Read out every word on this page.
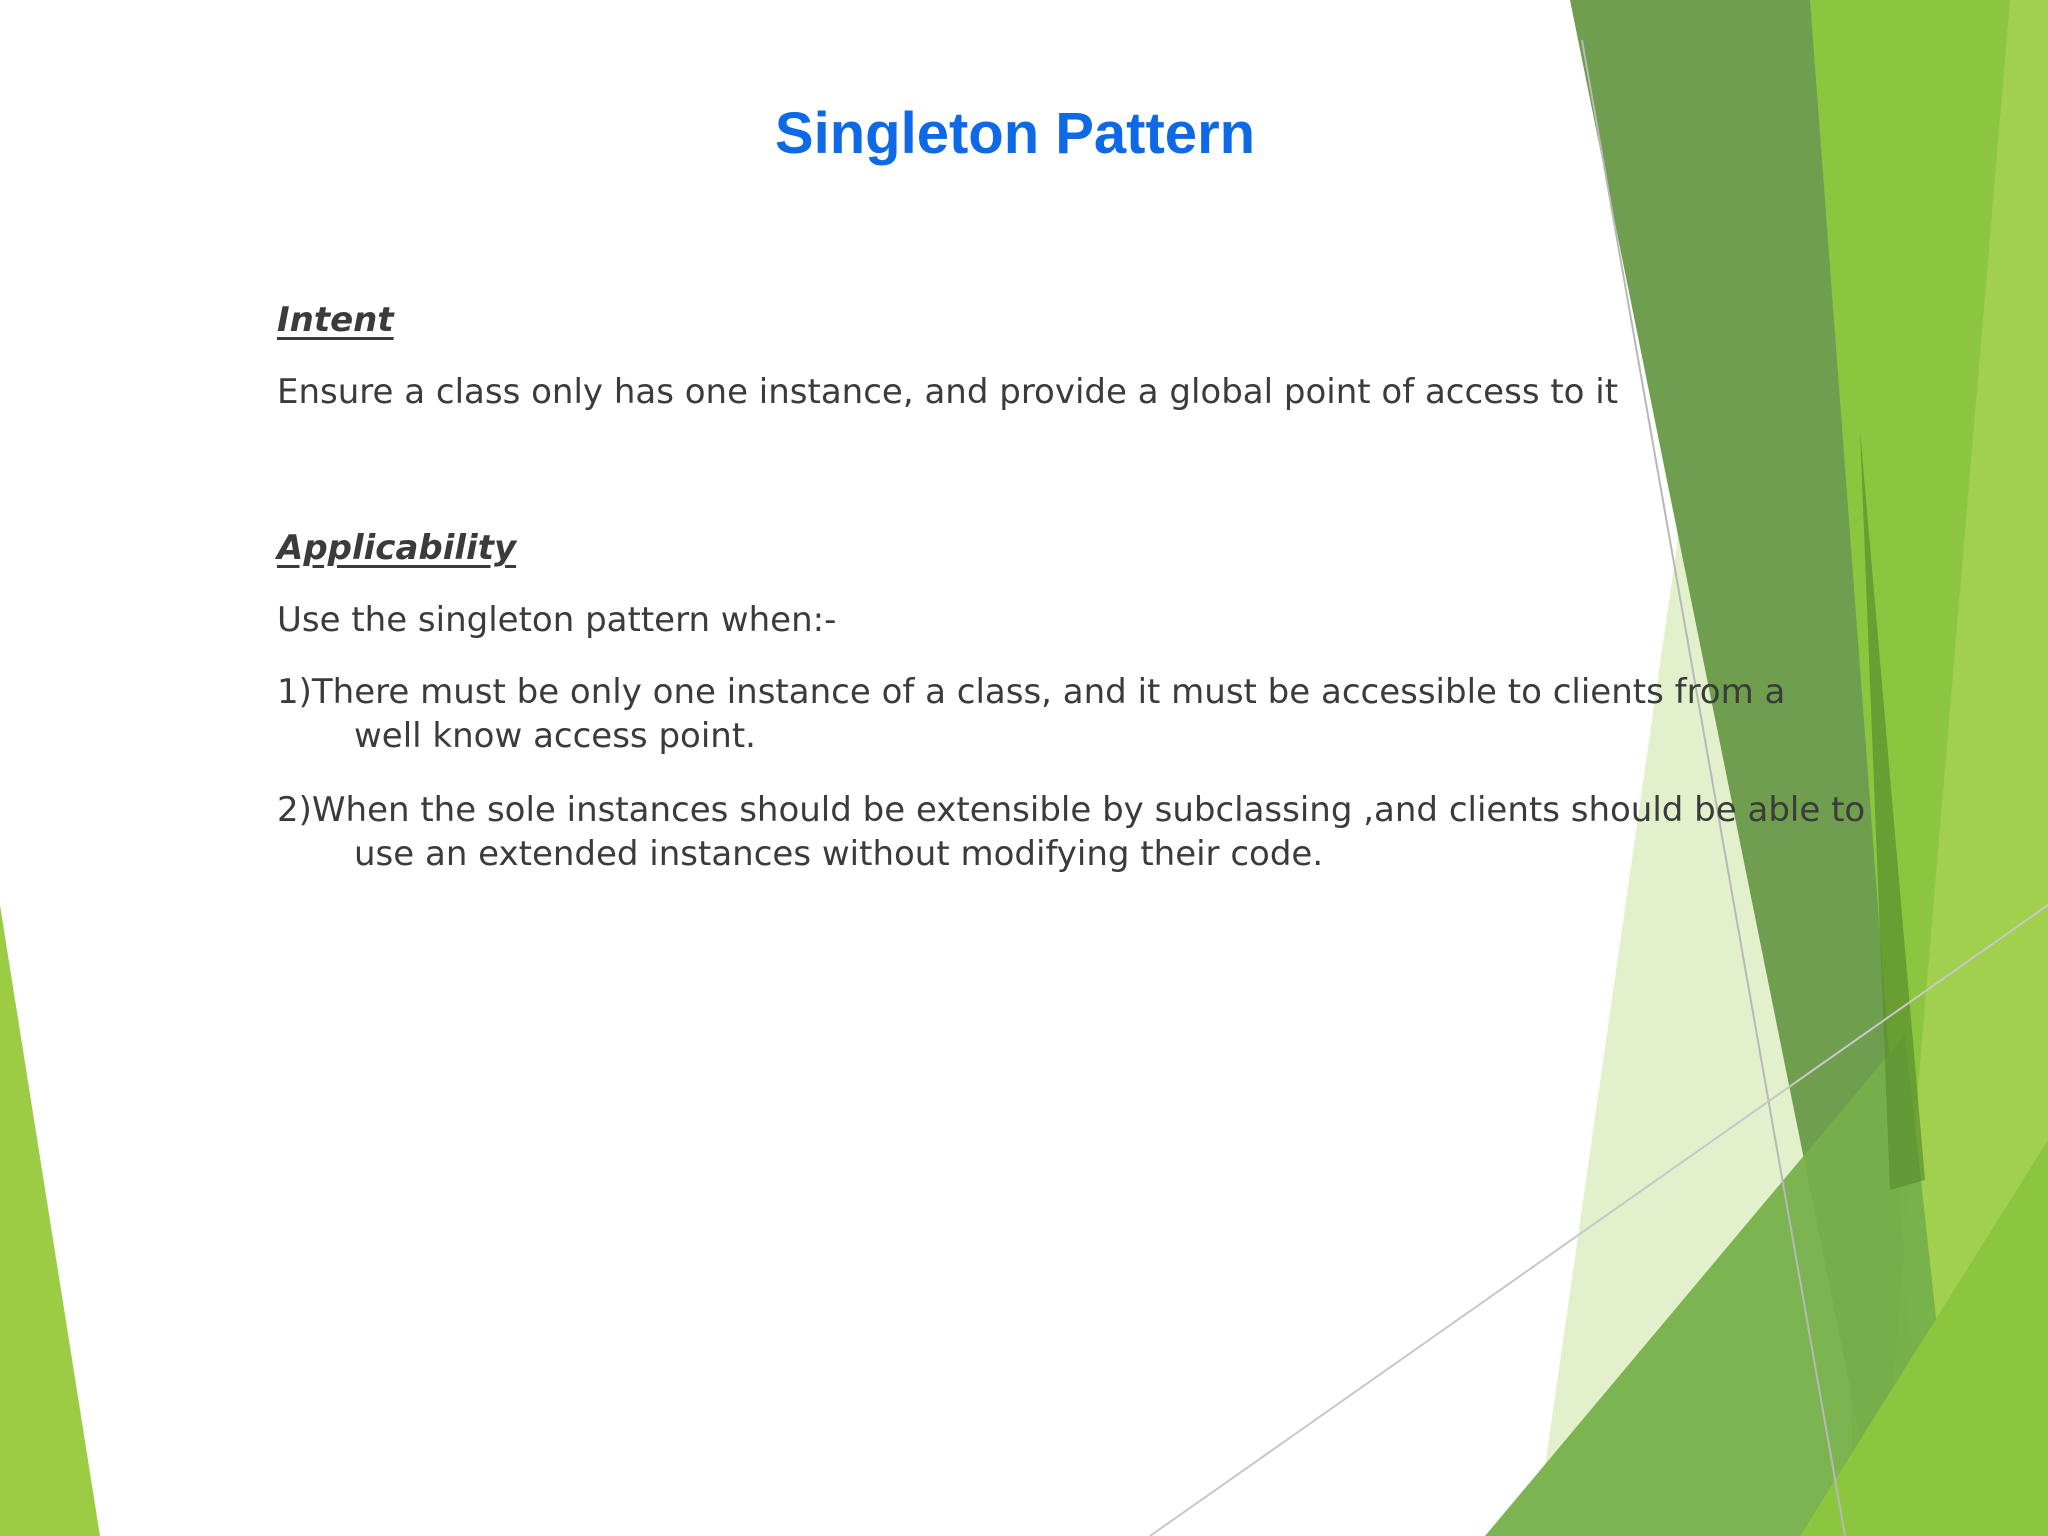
Singleton Pattern

Intent

Ensure a class only has one instance, and provide a global point of access to it

Applicability

Use the singleton pattern when:-

1)There must be only one instance of a class, and it must be accessible to clients from a
well know access point.

2)When the sole instances should be extensible by subclassing ,and clients should be able to
use an extended instances without modifying their code.
